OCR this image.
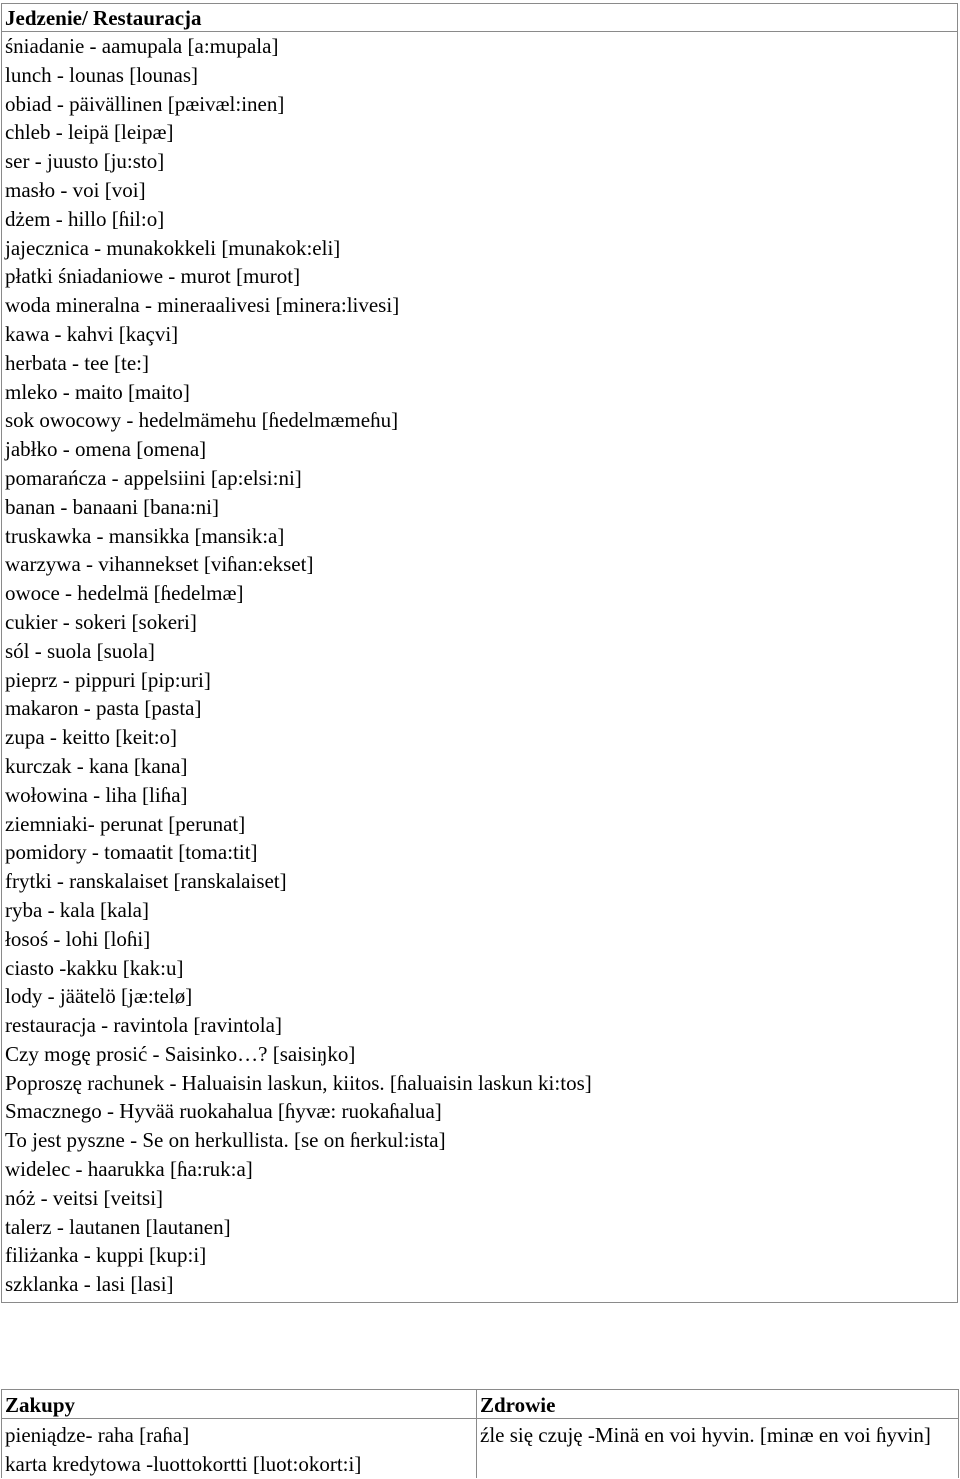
Jedzenie/ Restauracja
śniadanie - aamupala [a:mupala]
lunch - lounas [lounas]
obiad - päivällinen [pæivæl:inen]
chleb - leipä [leipæ]
ser - juusto [ju:sto]
masło - voi [voi]
dżem - hillo [ɦil:o]
jajecznica - munakokkeli [munakok:eli]
płatki śniadaniowe - murot [murot]
woda mineralna - mineraalivesi [minera:livesi]
kawa - kahvi [kaçvi]
herbata - tee [te:]
mleko - maito [maito]
sok owocowy - hedelmämehu [ɦedelmæmeɦu]
jabłko - omena [omena]
pomarańcza - appelsiini [ap:elsi:ni]
banan - banaani [bana:ni]
truskawka - mansikka [mansik:a]
warzywa - vihannekset [viɦan:ekset]
owoce - hedelmä [ɦedelmæ]
cukier - sokeri [sokeri]
sól - suola [suola]
pieprz - pippuri [pip:uri]
makaron - pasta [pasta]
zupa - keitto [keit:o]
kurczak - kana [kana]
wołowina - liha [liɦa]
ziemniaki- perunat [perunat]
pomidory - tomaatit [toma:tit]
frytki - ranskalaiset [ranskalaiset]
ryba - kala [kala]
łosoś - lohi [loɦi]
ciasto -kakku [kak:u]
lody - jäätelö [jæ:telø]
restauracja - ravintola [ravintola]
Czy mogę prosić - Saisinko…? [saisiŋko]
Poproszę rachunek - Haluaisin laskun, kiitos. [ɦaluaisin laskun ki:tos]
Smacznego - Hyvää ruokahalua [ɦyvæ: ruokaɦalua]
To jest pyszne - Se on herkullista. [se on ɦerkul:ista]
widelec - haarukka [ɦa:ruk:a]
nóż - veitsi [veitsi]
talerz - lautanen [lautanen]
filiżanka - kuppi [kup:i]
szklanka - lasi [lasi]
Zakupy
pieniądze- raha [raɦa]
karta kredytowa -luottokortti [luot:okort:i]
Zdrowie
źle się czuję -Minä en voi hyvin. [minæ en voi ɦyvin]
